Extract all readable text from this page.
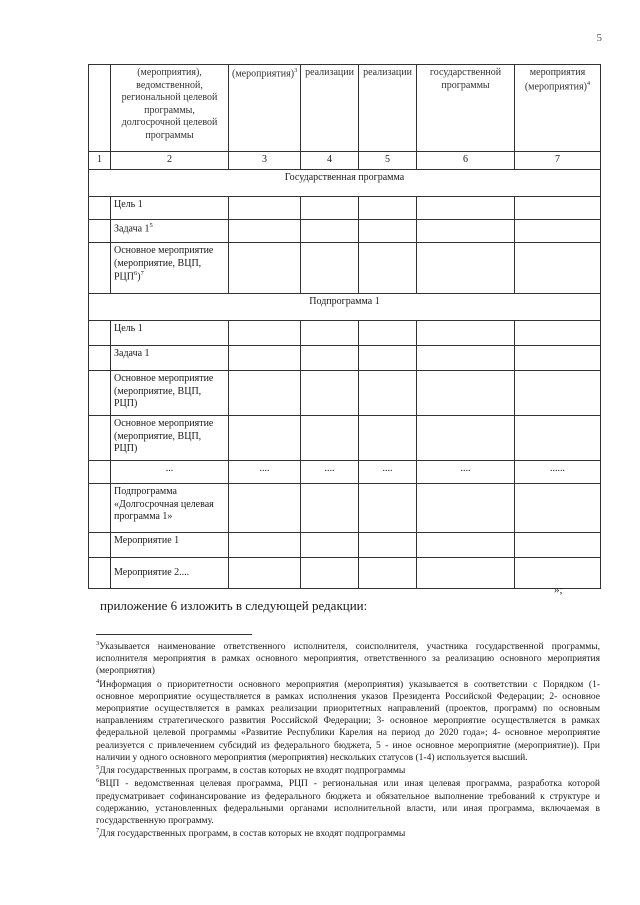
5
	(мероприятия), ведомственной, региональной целевой программы, долгосрочной целевой программы	(мероприятия)$^3$	реализации	реализации	государственной программы	мероприятия (мероприятия)$^4$
1	2	3	4	5	6	7
Государственная программа						
	Цель 1					
	Задача $1^5$					
	Основное мероприятие (мероприятие, ВЦП, РЦП$^6$)$^7$					
Подпрограмма 1						
	Цель 1					
	Задача 1					
	Основное мероприятие (мероприятие, ВЦП, РЦП)					
	Основное мероприятие (мероприятие, ВЦП, РЦП)					
	...	....	....	....	....	......
	Подпрограмма «Долгосрочная целевая программа 1»					
	Мероприятие 1					
	Мероприятие 2....					
»;
приложение 6 изложить в следующей редакции:

$^3$Указывается наименование ответственного исполнителя, соисполнителя, участника государственной программы, исполнителя мероприятия в рамках основного мероприятия, ответственного за реализацию основного мероприятия (мероприятия)

$^4$Информация о приоритетности основного мероприятия (мероприятия) указывается в соответствии с Порядком (1- основное мероприятие осуществляется в рамках исполнения указов Президента Российской Федерации; 2- основное мероприятие осуществляется в рамках реализации приоритетных направлений (проектов, программ) по основным направлениям стратегического развития Российской Федерации; 3- основное мероприятие осуществляется в рамках федеральной целевой программы «Развитие Республики Карелия на период до 2020 года»; 4- основное мероприятие реализуется с привлечением субсидий из федерального бюджета, 5 - иное основное мероприятие (мероприятие)). При наличии у одного основного мероприятия (мероприятия) нескольких статусов (1-4) используется высший.

$^5$Для государственных программ, в состав которых не входят подпрограммы

$^6$ВЦП - ведомственная целевая программа, РЦП - региональная или иная целевая программа, разработка которой предусматривает софинансирование из федерального бюджета и обязательное выполнение требований к структуре и содержанию, установленных федеральными органами исполнительной власти, или иная программа, включаемая в государственную программу.

$^7$Для государственных программ, в состав которых не входят подпрограммы
